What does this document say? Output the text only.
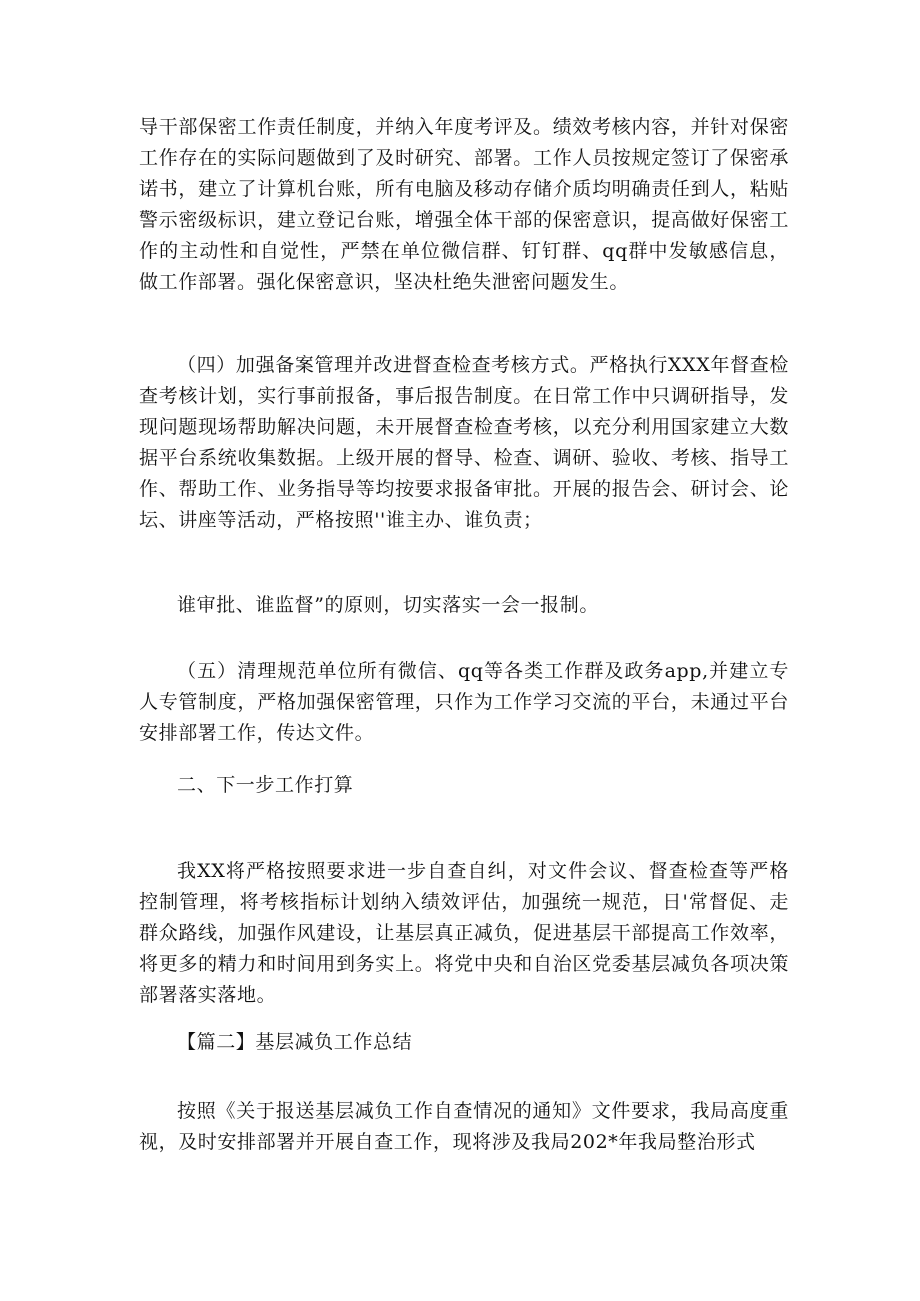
导干部保密工作责任制度，并纳入年度考评及。绩效考核内容，并针对保密工作存在的实际问题做到了及时研究、部署。工作人员按规定签订了保密承诺书，建立了计算机台账，所有电脑及移动存储介质均明确责任到人，粘贴警示密级标识，建立登记台账，增强全体干部的保密意识，提高做好保密工作的主动性和自觉性，严禁在单位微信群、钉钉群、qq群中发敏感信息，做工作部署。强化保密意识，坚决杜绝失泄密问题发生。

（四）加强备案管理并改进督查检查考核方式。严格执行XXX年督查检查考核计划，实行事前报备，事后报告制度。在日常工作中只调研指导，发现问题现场帮助解决问题，未开展督查检查考核，以充分利用国家建立大数据平台系统收集数据。上级开展的督导、检查、调研、验收、考核、指导工作、帮助工作、业务指导等均按要求报备审批。开展的报告会、研讨会、论坛、讲座等活动，严格按照''谁主办、谁负责；

谁审批、谁监督”的原则，切实落实一会一报制。

（五）清理规范单位所有微信、qq等各类工作群及政务app,并建立专人专管制度，严格加强保密管理，只作为工作学习交流的平台，未通过平台安排部署工作，传达文件。

二、下一步工作打算

我XX将严格按照要求进一步自查自纠，对文件会议、督查检查等严格控制管理，将考核指标计划纳入绩效评估，加强统一规范，日'常督促、走群众路线，加强作风建设，让基层真正减负，促进基层干部提高工作效率，将更多的精力和时间用到务实上。将党中央和自治区党委基层减负各项决策部署落实落地。

【篇二】基层减负工作总结

按照《关于报送基层减负工作自查情况的通知》文件要求，我局高度重视，及时安排部署并开展自查工作，现将涉及我局202*年我局整治形式
